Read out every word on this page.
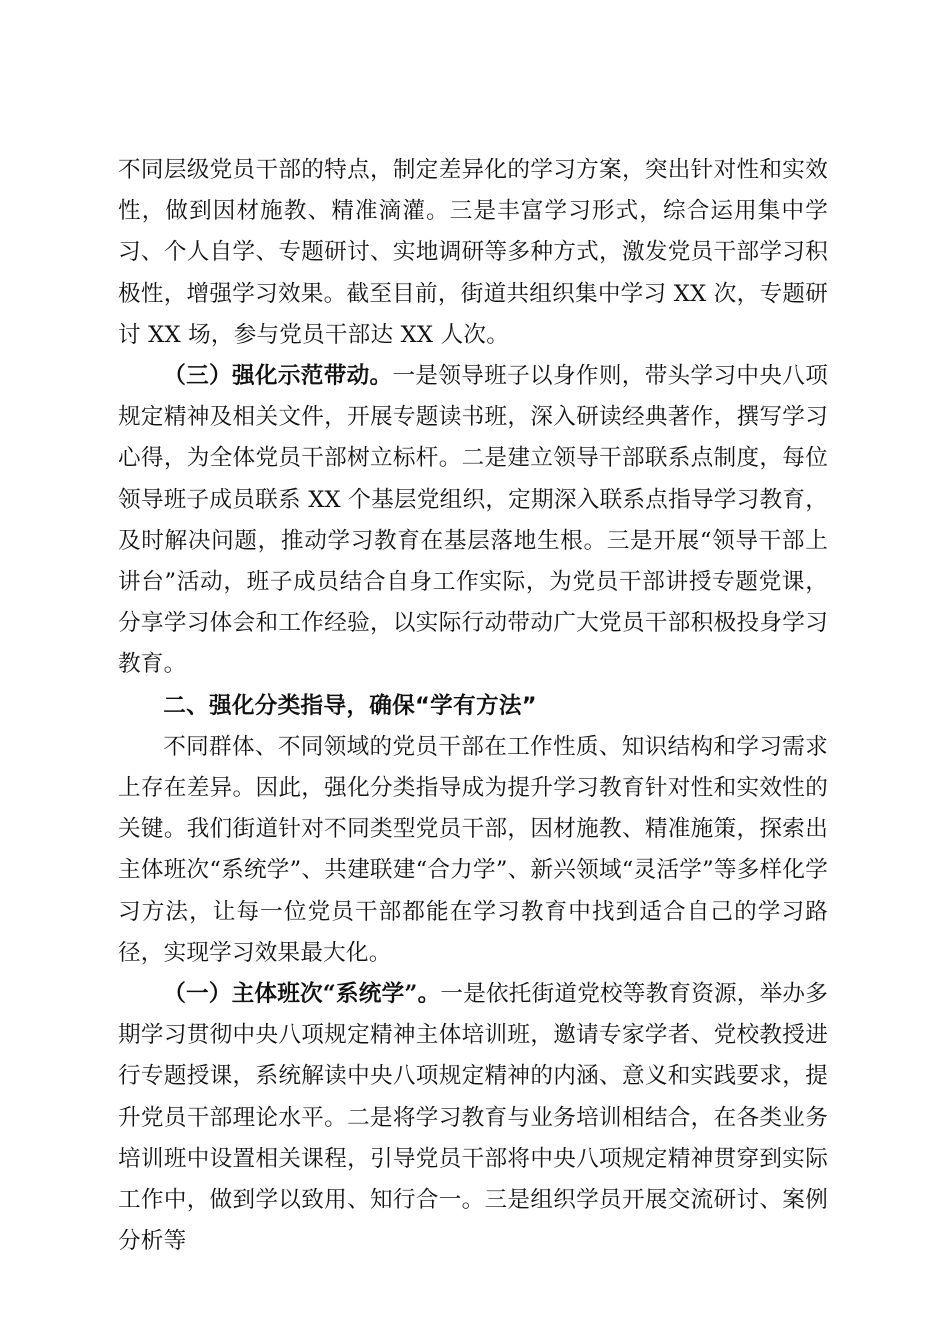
不同层级党员干部的特点，制定差异化的学习方案，突出针对性和实效性，做到因材施教、精准滴灌。三是丰富学习形式，综合运用集中学习、个人自学、专题研讨、实地调研等多种方式，激发党员干部学习积极性，增强学习效果。截至目前，街道共组织集中学习 XX 次，专题研讨 XX 场，参与党员干部达 XX 人次。

（三）强化示范带动。一是领导班子以身作则，带头学习中央八项规定精神及相关文件，开展专题读书班，深入研读经典著作，撰写学习心得，为全体党员干部树立标杆。二是建立领导干部联系点制度，每位领导班子成员联系 XX 个基层党组织，定期深入联系点指导学习教育，及时解决问题，推动学习教育在基层落地生根。三是开展“领导干部上讲台”活动，班子成员结合自身工作实际，为党员干部讲授专题党课，分享学习体会和工作经验，以实际行动带动广大党员干部积极投身学习教育。

二、强化分类指导，确保“学有方法”

不同群体、不同领域的党员干部在工作性质、知识结构和学习需求上存在差异。因此，强化分类指导成为提升学习教育针对性和实效性的关键。我们街道针对不同类型党员干部，因材施教、精准施策，探索出主体班次“系统学”、共建联建“合力学”、新兴领域“灵活学”等多样化学习方法，让每一位党员干部都能在学习教育中找到适合自己的学习路径，实现学习效果最大化。

（一）主体班次“系统学”。一是依托街道党校等教育资源，举办多期学习贯彻中央八项规定精神主体培训班，邀请专家学者、党校教授进行专题授课，系统解读中央八项规定精神的内涵、意义和实践要求，提升党员干部理论水平。二是将学习教育与业务培训相结合，在各类业务培训班中设置相关课程，引导党员干部将中央八项规定精神贯穿到实际工作中，做到学以致用、知行合一。三是组织学员开展交流研讨、案例分析等
